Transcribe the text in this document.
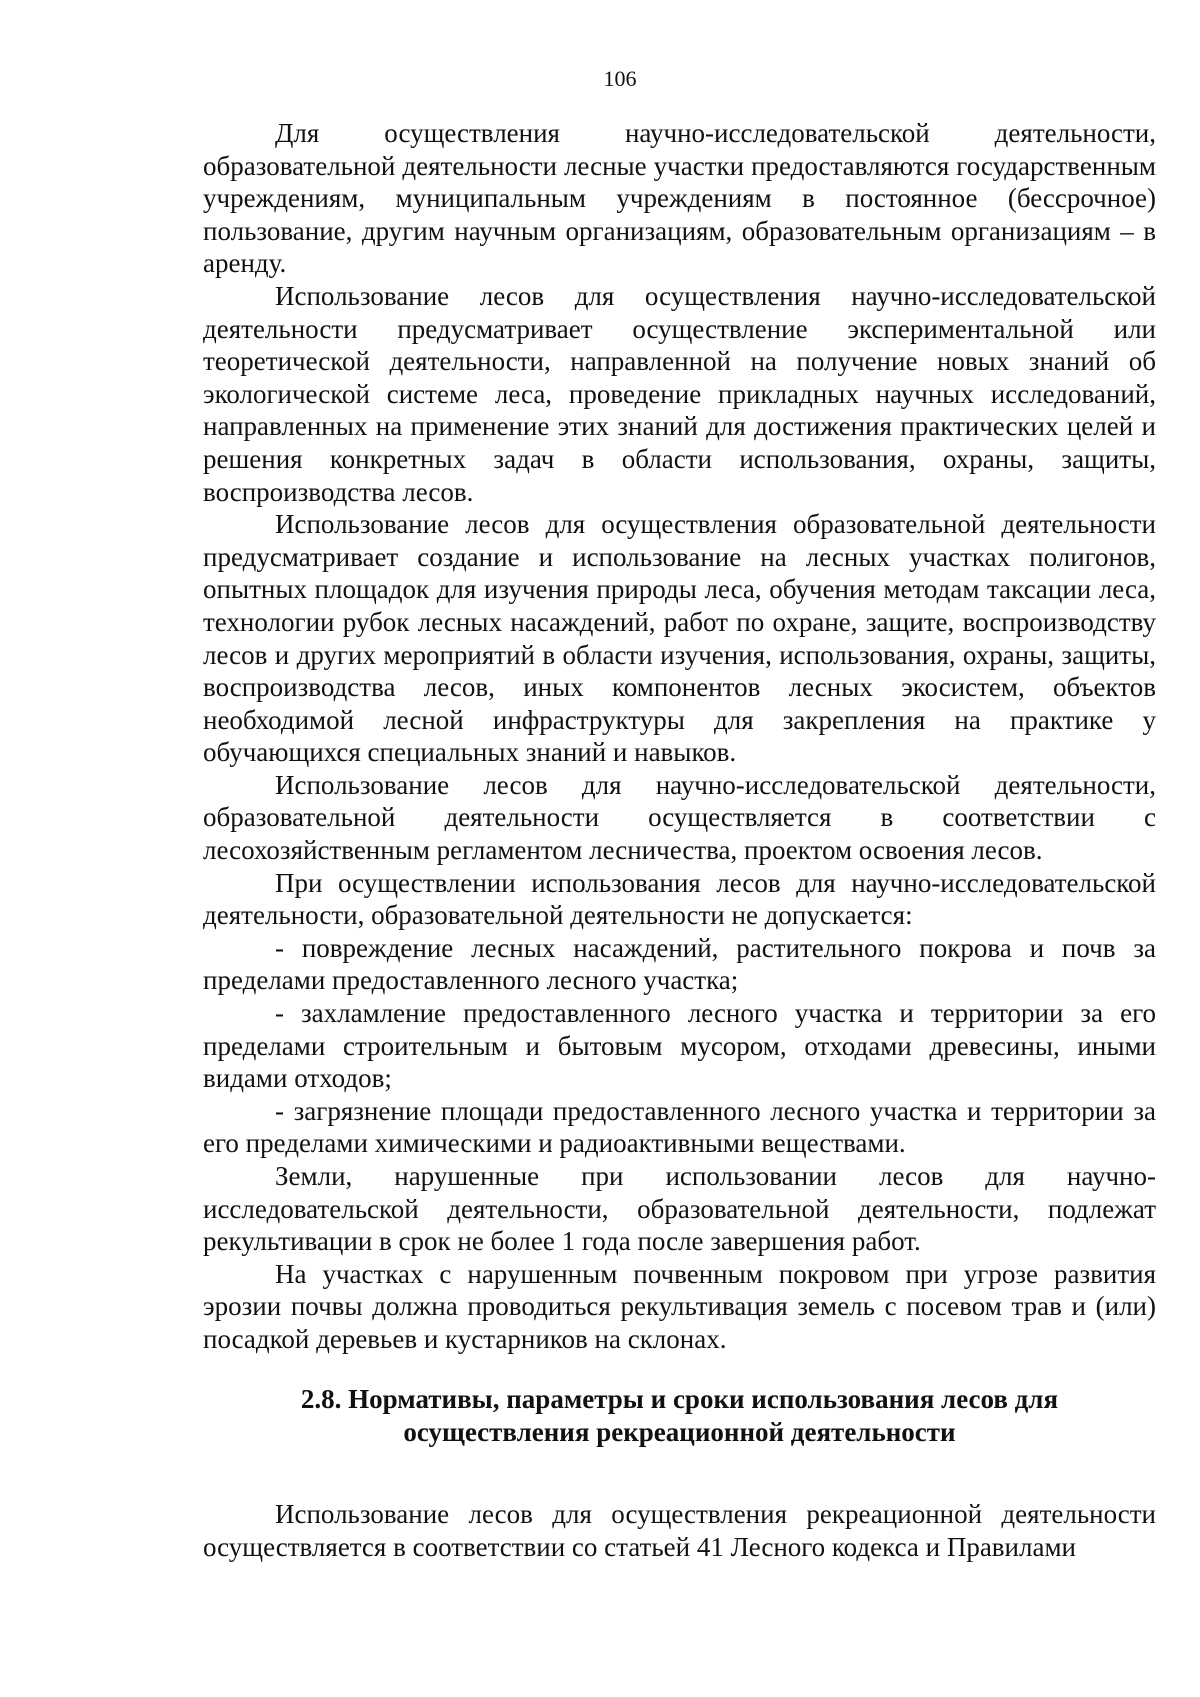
106

Для осуществления научно-исследовательской деятельности, образовательной деятельности лесные участки предоставляются государственным учреждениям, муниципальным учреждениям в постоянное (бессрочное) пользование, другим научным организациям, образовательным организациям – в аренду.

Использование лесов для осуществления научно-исследовательской деятельности предусматривает осуществление экспериментальной или теоретической деятельности, направленной на получение новых знаний об экологической системе леса, проведение прикладных научных исследований, направленных на применение этих знаний для достижения практических целей и решения конкретных задач в области использования, охраны, защиты, воспроизводства лесов.

Использование лесов для осуществления образовательной деятельности предусматривает создание и использование на лесных участках полигонов, опытных площадок для изучения природы леса, обучения методам таксации леса, технологии рубок лесных насаждений, работ по охране, защите, воспроизводству лесов и других мероприятий в области изучения, использования, охраны, защиты, воспроизводства лесов, иных компонентов лесных экосистем, объектов необходимой лесной инфраструктуры для закрепления на практике у обучающихся специальных знаний и навыков.

Использование лесов для научно-исследовательской деятельности, образовательной деятельности осуществляется в соответствии с лесохозяйственным регламентом лесничества, проектом освоения лесов.

При осуществлении использования лесов для научно-исследовательской деятельности, образовательной деятельности не допускается:

- повреждение лесных насаждений, растительного покрова и почв за пределами предоставленного лесного участка;

- захламление предоставленного лесного участка и территории за его пределами строительным и бытовым мусором, отходами древесины, иными видами отходов;

- загрязнение площади предоставленного лесного участка и территории за его пределами химическими и радиоактивными веществами.

Земли, нарушенные при использовании лесов для научно-исследовательской деятельности, образовательной деятельности, подлежат рекультивации в срок не более 1 года после завершения работ.

На участках с нарушенным почвенным покровом при угрозе развития эрозии почвы должна проводиться рекультивация земель с посевом трав и (или) посадкой деревьев и кустарников на склонах.

2.8. Нормативы, параметры и сроки использования лесов для
осуществления рекреационной деятельности

Использование лесов для осуществления рекреационной деятельности осуществляется в соответствии со статьей 41 Лесного кодекса и Правилами
